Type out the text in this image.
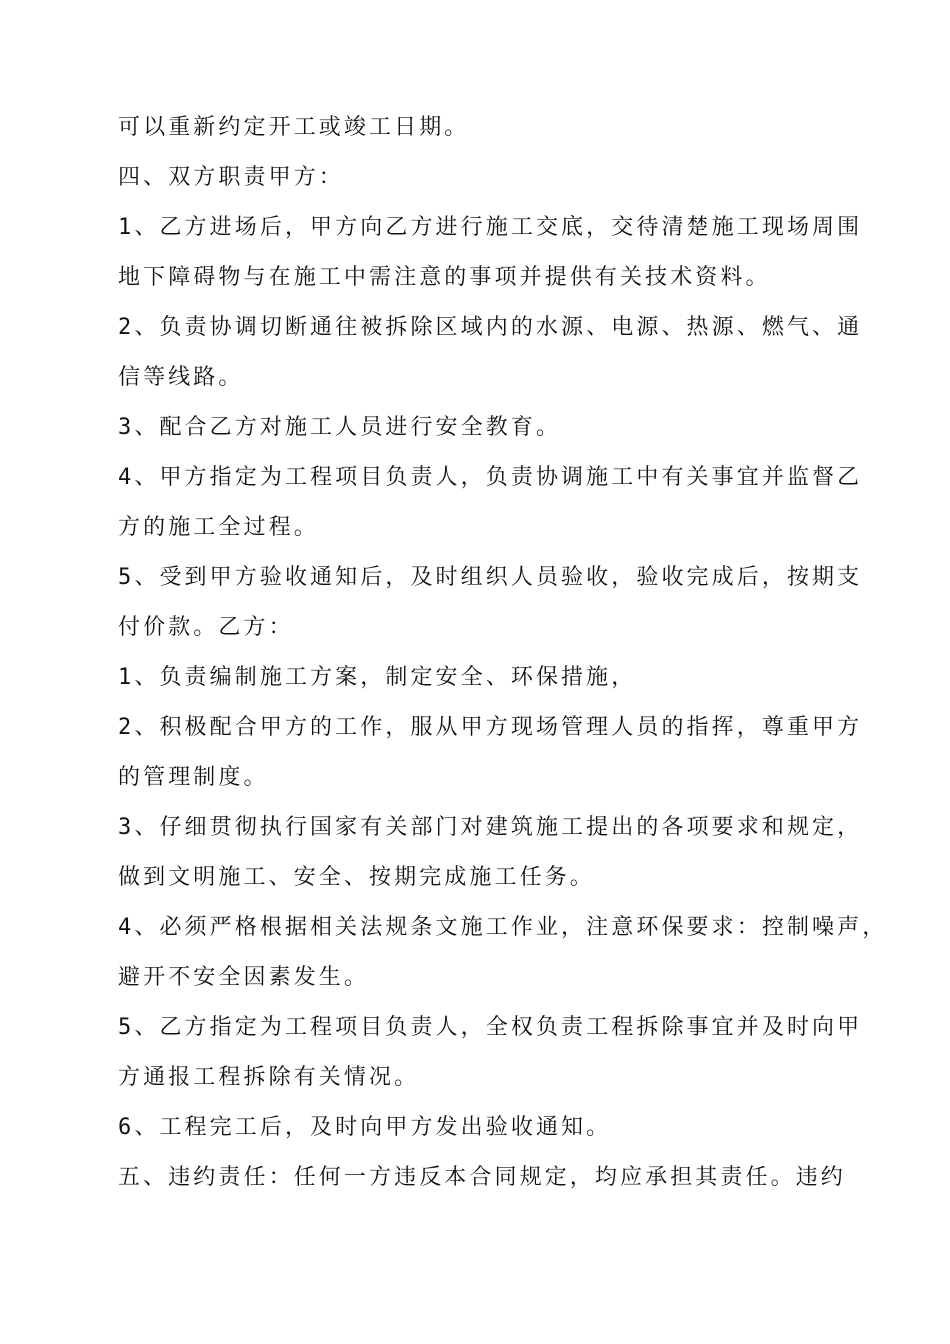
可以重新约定开工或竣工日期。
四、双方职责甲方：
1、乙方进场后，甲方向乙方进行施工交底，交待清楚施工现场周围
地下障碍物与在施工中需注意的事项并提供有关技术资料。
2、负责协调切断通往被拆除区域内的水源、电源、热源、燃气、通
信等线路。
3、配合乙方对施工人员进行安全教育。
4、甲方指定为工程项目负责人，负责协调施工中有关事宜并监督乙
方的施工全过程。
5、受到甲方验收通知后，及时组织人员验收，验收完成后，按期支
付价款。乙方：
1、负责编制施工方案，制定安全、环保措施，
2、积极配合甲方的工作，服从甲方现场管理人员的指挥，尊重甲方
的管理制度。
3、仔细贯彻执行国家有关部门对建筑施工提出的各项要求和规定，
做到文明施工、安全、按期完成施工任务。
4、必须严格根据相关法规条文施工作业，注意环保要求：控制噪声，
避开不安全因素发生。
5、乙方指定为工程项目负责人，全权负责工程拆除事宜并及时向甲
方通报工程拆除有关情况。
6、工程完工后，及时向甲方发出验收通知。
五、违约责任：任何一方违反本合同规定，均应承担其责任。违约
